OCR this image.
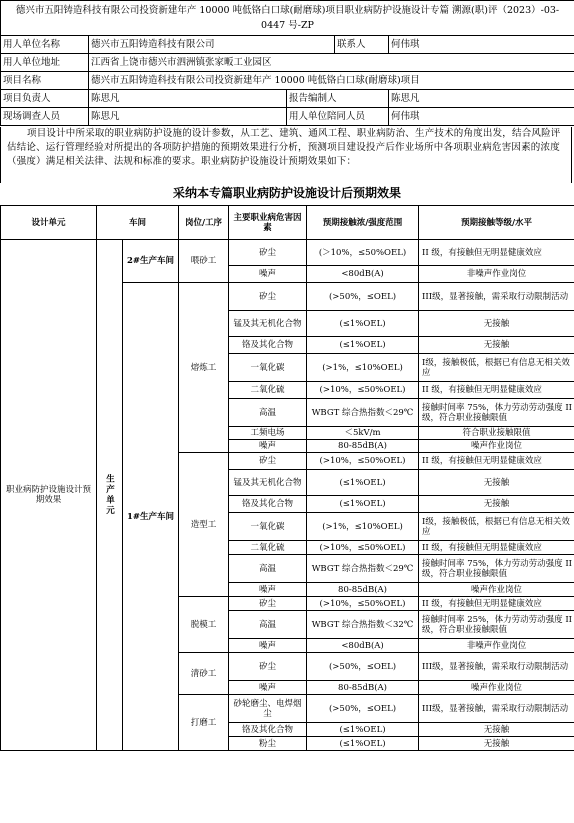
德兴市五阳铸造科技有限公司投资新建年产 10000 吨低铬白口球(耐磨球)项目职业病防护设施设计专篇 溯源(职)评（2023）-03-0447 号-ZP				
用人单位名称	德兴市五阳铸造科技有限公司		联系人	何伟琪
用人单位地址	江西省上饶市德兴市泗洲镇张家畈工业园区			
项目名称	德兴市五阳铸造科技有限公司投资新建年产 10000 吨低铬白口球(耐磨球)项目			
项目负责人	陈思凡	报告编制人		陈思凡
现场调查人员	陈思凡	用人单位陪同人员		何伟琪
项目设计中所采取的职业病防护设施的设计参数，从工艺、建筑、通风工程、职业病防治、生产技术的角度出发，结合风险评估结论、运行管理经验对所提出的各项防护措施的预期效果进行分析，预测项目建设投产后作业场所中各项职业病危害因素的浓度（强度）满足相关法律、法规和标准的要求。职业病防护设施设计预期效果如下：
采纳本专篇职业病防护设施设计后预期效果
设计单元	车间		岗位/工序	主要职业病危害因素	预期接触浓/强度范围	预期接触等级/水平
职业病防护设施设计预期效果	生产单元	2#生产车间	喂砂工	矽尘	(＞10%，≤50%OEL)	II 级，有接触但无明显健康效应
				噪声	<80dB(A)	非噪声作业岗位
		1#生产车间	熔炼工	矽尘	(>50%，≤OEL)	III级，显著接触，需采取行动限制活动
				锰及其无机化合物	(≤1%OEL)	无接触
				铬及其化合物	(≤1%OEL)	无接触
				一氧化碳	(>1%，≤10%OEL)	I级，接触极低，根据已有信息无相关效应
				二氧化硫	(>10%，≤50%OEL)	II 级，有接触但无明显健康效应
				高温	WBGT 综合热指数＜29℃	接触时间率 75%，体力劳动劳动强度 II 级，符合职业接触限值
				工频电场	＜5kV/m	符合职业接触限值
				噪声	80-85dB(A)	噪声作业岗位
			造型工	矽尘	(>10%，≤50%OEL)	II 级，有接触但无明显健康效应
				锰及其无机化合物	(≤1%OEL)	无接触
				铬及其化合物	(≤1%OEL)	无接触
				一氧化碳	(>1%，≤10%OEL)	I级，接触极低，根据已有信息无相关效应
				二氧化硫	(>10%，≤50%OEL)	II 级，有接触但无明显健康效应
				高温	WBGT 综合热指数＜29℃	接触时间率 75%，体力劳动劳动强度 II 级，符合职业接触限值
				噪声	80-85dB(A)	噪声作业岗位
			脱模工	矽尘	(>10%，≤50%OEL)	II 级，有接触但无明显健康效应
				高温	WBGT 综合热指数＜32℃	接触时间率 25%，体力劳动劳动强度 II 级，符合职业接触限值
				噪声	<80dB(A)	非噪声作业岗位
			清砂工	矽尘	(>50%，≤OEL)	III级，显著接触，需采取行动限制活动
				噪声	80-85dB(A)	噪声作业岗位
			打磨工	砂轮磨尘、电焊烟尘	(>50%，≤OEL)	III级，显著接触，需采取行动限制活动
				铬及其化合物	(≤1%OEL)	无接触
				粉尘	(≤1%OEL)	无接触
